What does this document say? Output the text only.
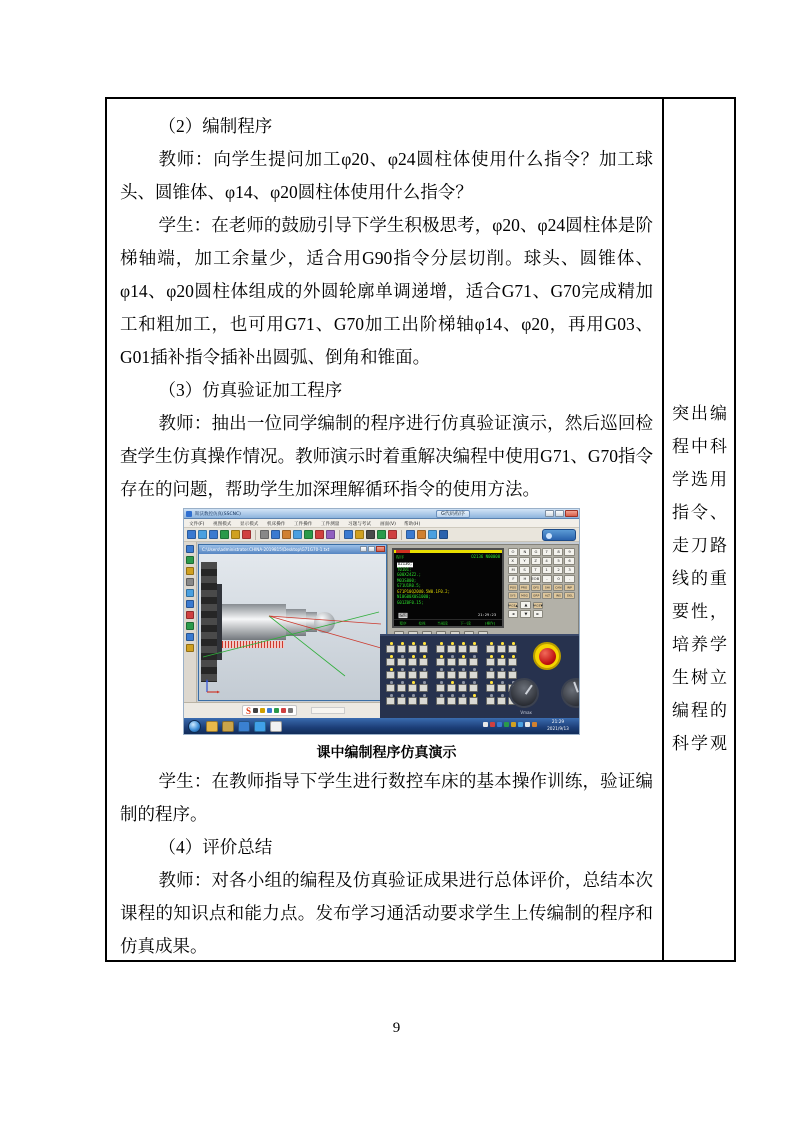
（2）编制程序

教师：向学生提问加工φ20、φ24圆柱体使用什么指令？加工球头、圆锥体、φ14、φ20圆柱体使用什么指令？

学生：在老师的鼓励引导下学生积极思考，φ20、φ24圆柱体是阶梯轴端，加工余量少，适合用G90指令分层切削。球头、圆锥体、φ14、φ20圆柱体组成的外圆轮廓单调递增，适合G71、G70完成精加工和粗加工，也可用G71、G70加工出阶梯轴φ14、φ20，再用G03、G01插补指令插补出圆弧、倒角和锥面。

（3）仿真验证加工程序

教师：抽出一位同学编制的程序进行仿真验证演示，然后巡回检查学生仿真操作情况。教师演示时着重解决编程中使用G71、G70指令存在的问题，帮助学生加深理解循环指令的使用方法。

斯沃数控仿真(SSCNC)	G代码程序
文件(F) 视图模式 显示模式 机床操作 工件操作 工件测量 习题与考试 画面(V) 帮助(H)
C:\Users\administrator.CHINA-2019815\Desktop\G71G70-1.txt
程序	O2136 N00000
O2136;
T0101;
G00X24Z2.;
M03S800;
G71U1R0.5;
G71P10Q20U0.5W0.1F0.2;
N10G00X0S1000;
G01Z0F0.15;
编辑	21:29:23
程序 检视 当前段	下一段	(操作)
O N G 7 8 9
X Y Z 4 5 6
M S T 1 2 3
F H EOB - 0 .
POS PRO OFS SHI CAN INP
SYS MSG GRP ALT INS DEL
PAGE▲
◄
▲
▼
PAGE▼
►
Vmax
S
21:29
2021/9/13

课中编制程序仿真演示

学生：在教师指导下学生进行数控车床的基本操作训练，验证编制的程序。

（4）评价总结

教师：对各小组的编程及仿真验证成果进行总体评价，总结本次课程的知识点和能力点。发布学习通活动要求学生上传编制的程序和仿真成果。

突 出 编
程 中 科
学 选 用
指 令 、
走 刀 路
线 的 重
要 性 ，
培 养 学
生 树 立
编 程 的
科 学 观
9
